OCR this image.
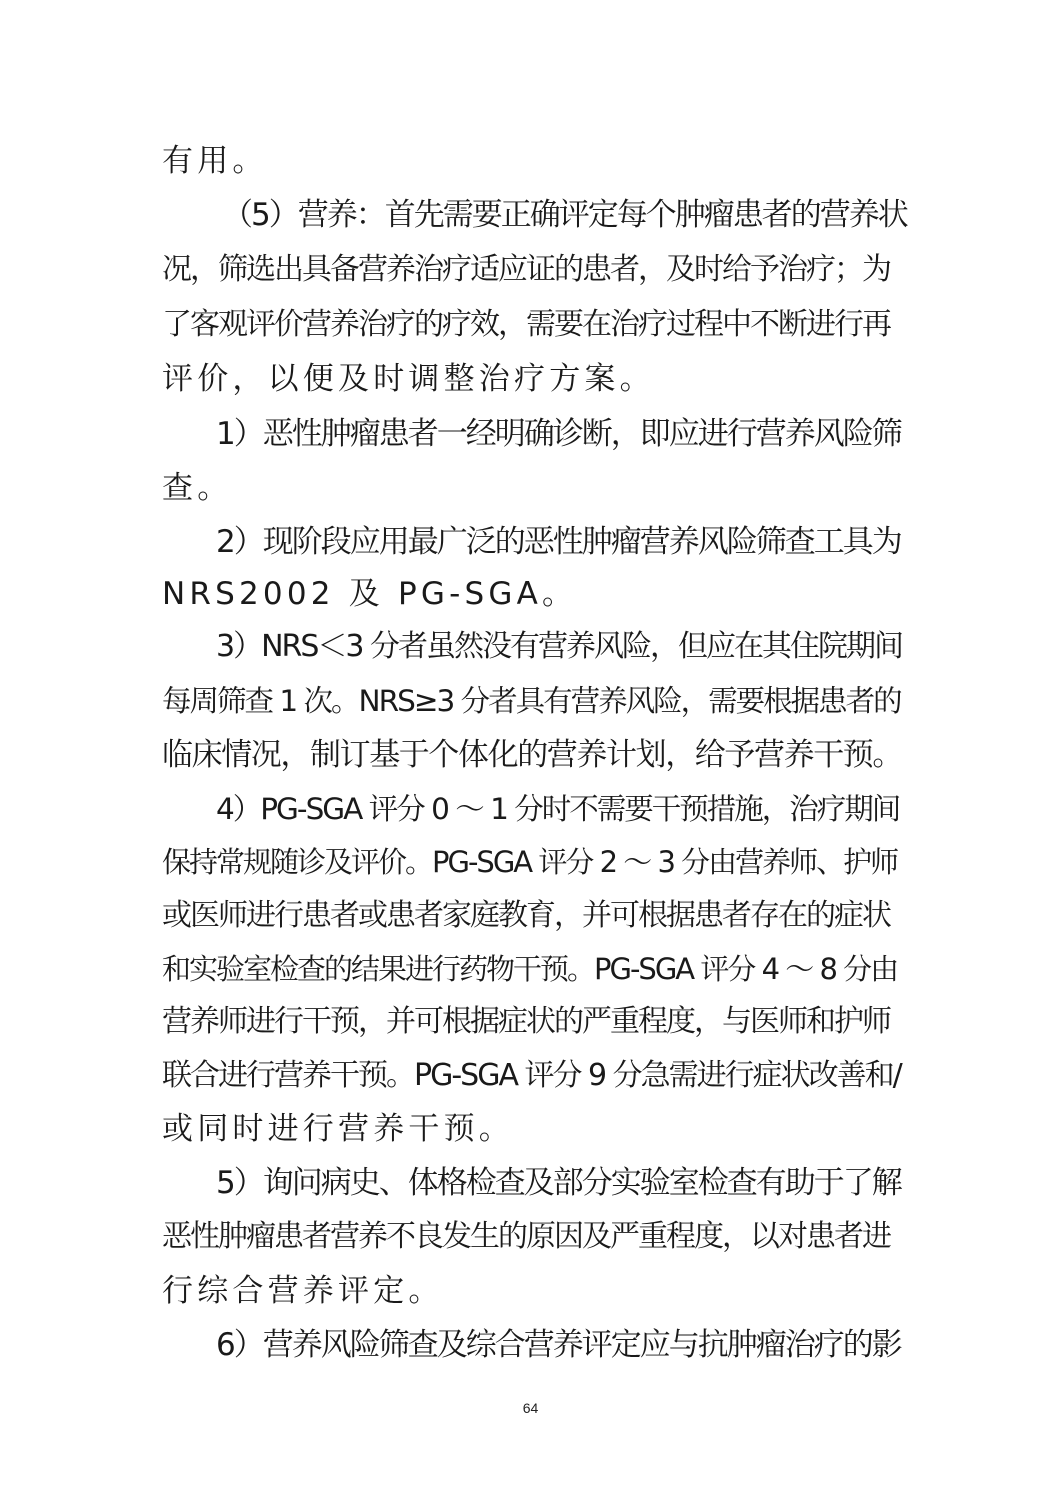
有用。
（5）营养：首先需要正确评定每个肿瘤患者的营养状
况，筛选出具备营养治疗适应证的患者，及时给予治疗；为
了客观评价营养治疗的疗效，需要在治疗过程中不断进行再
评价，以便及时调整治疗方案。
1）恶性肿瘤患者一经明确诊断，即应进行营养风险筛
查。
2）现阶段应用最广泛的恶性肿瘤营养风险筛查工具为
NRS2002 及 PG-SGA。
3）NRS＜3 分者虽然没有营养风险，但应在其住院期间
每周筛查 1 次。NRS≥3 分者具有营养风险，需要根据患者的
临床情况，制订基于个体化的营养计划，给予营养干预。
4）PG-SGA 评分 0 ～ 1 分时不需要干预措施，治疗期间
保持常规随诊及评价。PG-SGA 评分 2 ～ 3 分由营养师、护师
或医师进行患者或患者家庭教育，并可根据患者存在的症状
和实验室检查的结果进行药物干预。PG-SGA 评分 4 ～ 8 分由
营养师进行干预，并可根据症状的严重程度，与医师和护师
联合进行营养干预。PG-SGA 评分 9 分急需进行症状改善和/
或同时进行营养干预。
5）询问病史、体格检查及部分实验室检查有助于了解
恶性肿瘤患者营养不良发生的原因及严重程度，以对患者进
行综合营养评定。
6）营养风险筛查及综合营养评定应与抗肿瘤治疗的影
64
